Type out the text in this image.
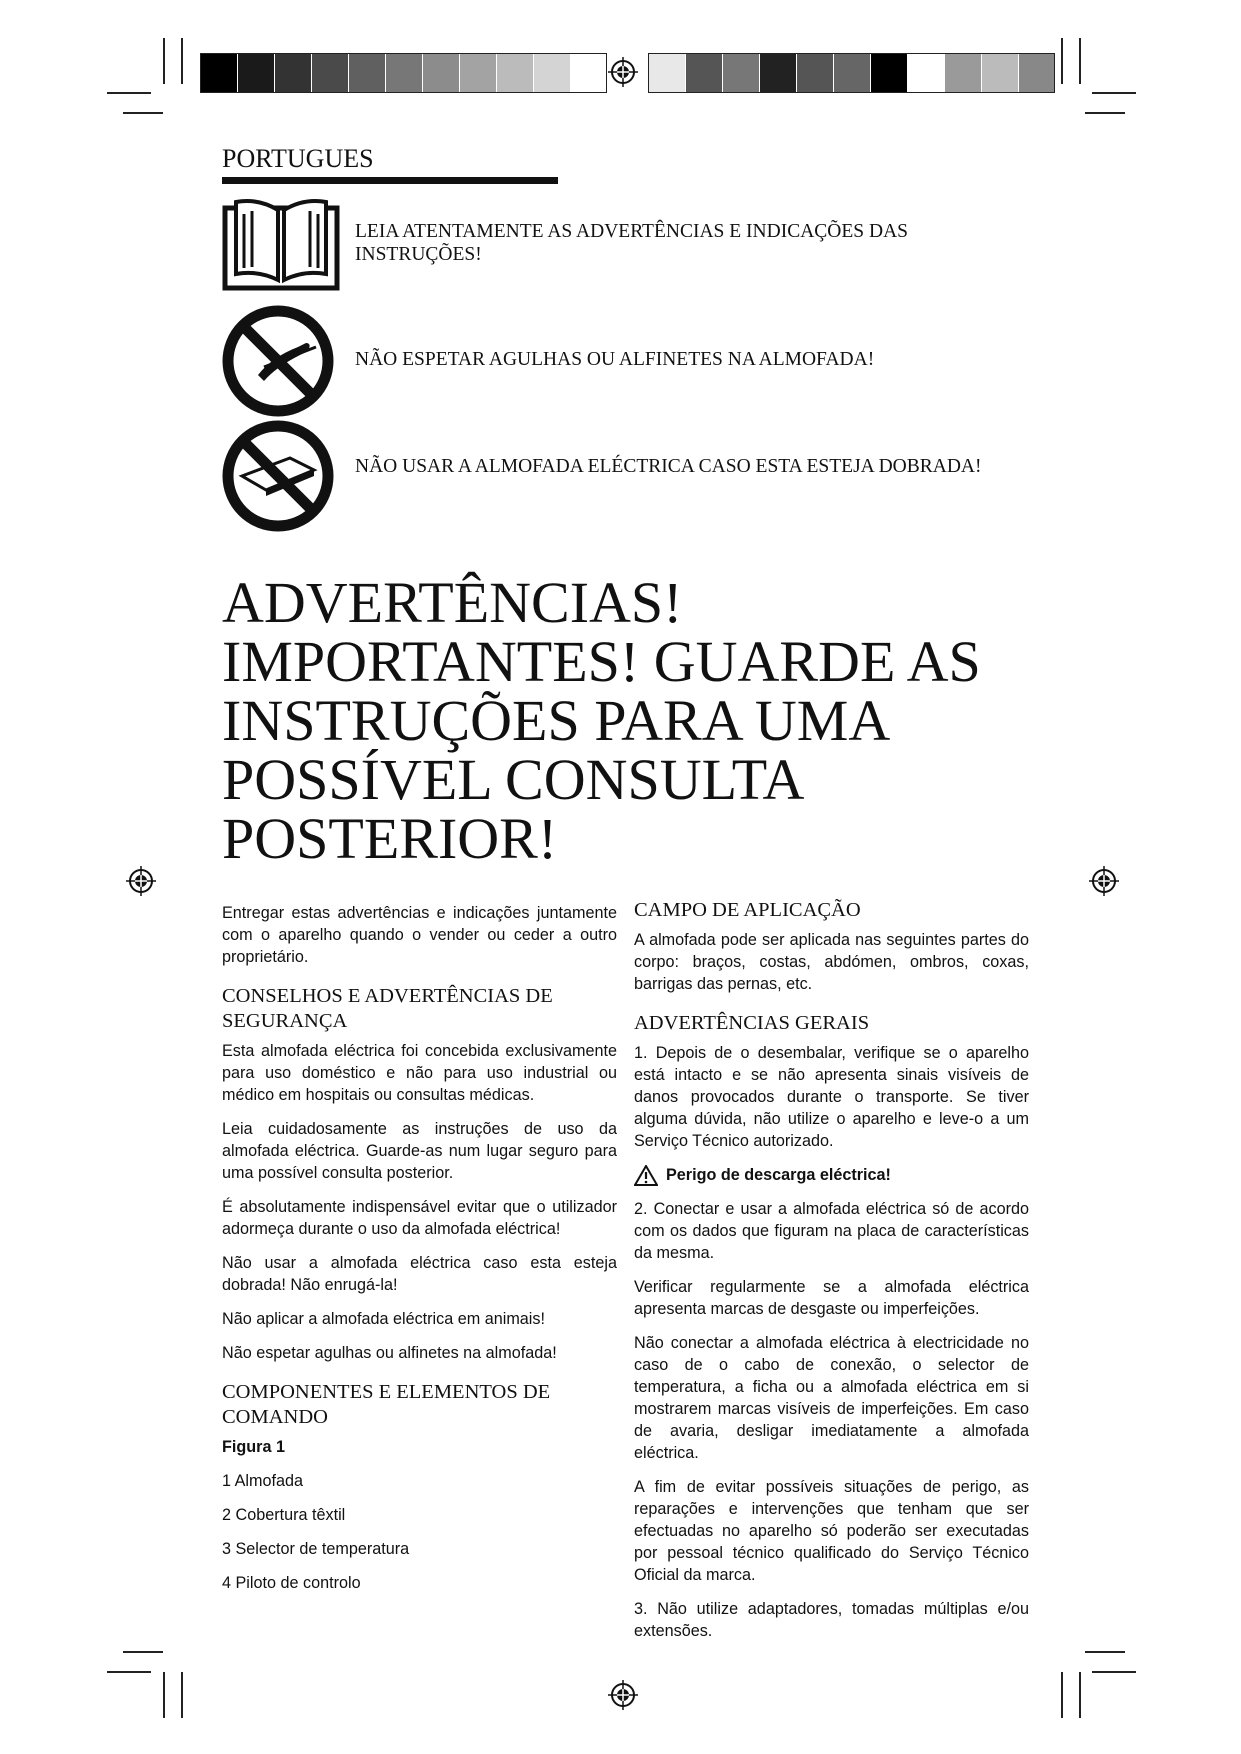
PORTUGUES
LEIA ATENTAMENTE AS ADVERTÊNCIAS E INDICAÇÕES DAS INSTRUÇÕES!
NÃO ESPETAR AGULHAS OU ALFINETES NA ALMOFADA!
NÃO USAR A ALMOFADA ELÉCTRICA CASO ESTA ESTEJA DOBRADA!
ADVERTÊNCIAS! IMPORTANTES! GUARDE AS INSTRUÇÕES PARA UMA POSSÍVEL CONSULTA POSTERIOR!

Entregar estas advertências e indicações juntamente com o aparelho quando o vender ou ceder a outro proprietário.

CONSELHOS E ADVERTÊNCIAS DE SEGURANÇA

Esta almofada eléctrica foi concebida exclusivamente para uso doméstico e não para uso industrial ou médico em hospitais ou consultas médicas.

Leia cuidadosamente as instruções de uso da almofada eléctrica. Guarde-as num lugar seguro para uma possível consulta posterior.

É absolutamente indispensável evitar que o utilizador adormeça durante o uso da almofada eléctrica!

Não usar a almofada eléctrica caso esta esteja dobrada! Não enrugá-la!

Não aplicar a almofada eléctrica em animais!

Não espetar agulhas ou alfinetes na almofada!

COMPONENTES E ELEMENTOS DE COMANDO
Figura 1
1 Almofada
2 Cobertura têxtil
3 Selector de temperatura
4 Piloto de controlo
CAMPO DE APLICAÇÃO

A almofada pode ser aplicada nas seguintes partes do corpo: braços, costas, abdómen, ombros, coxas, barrigas das pernas, etc.

ADVERTÊNCIAS GERAIS

1. Depois de o desembalar, verifique se o aparelho está intacto e se não apresenta sinais visíveis de danos provocados durante o transporte. Se tiver alguma dúvida, não utilize o aparelho e leve-o a um Serviço Técnico autorizado.

Perigo de descarga eléctrica!

2. Conectar e usar a almofada eléctrica só de acordo com os dados que figuram na placa de características da mesma.

Verificar regularmente se a almofada eléctrica apresenta marcas de desgaste ou imperfeições.

Não conectar a almofada eléctrica à electricidade no caso de o cabo de conexão, o selector de temperatura, a ficha ou a almofada eléctrica em si mostrarem marcas visíveis de imperfeições. Em caso de avaria, desligar imediatamente a almofada eléctrica.

A fim de evitar possíveis situações de perigo, as reparações e intervenções que tenham que ser efectuadas no aparelho só poderão ser executadas por pessoal técnico qualificado do Serviço Técnico Oficial da marca.

3. Não utilize adaptadores, tomadas múltiplas e/ou extensões.
